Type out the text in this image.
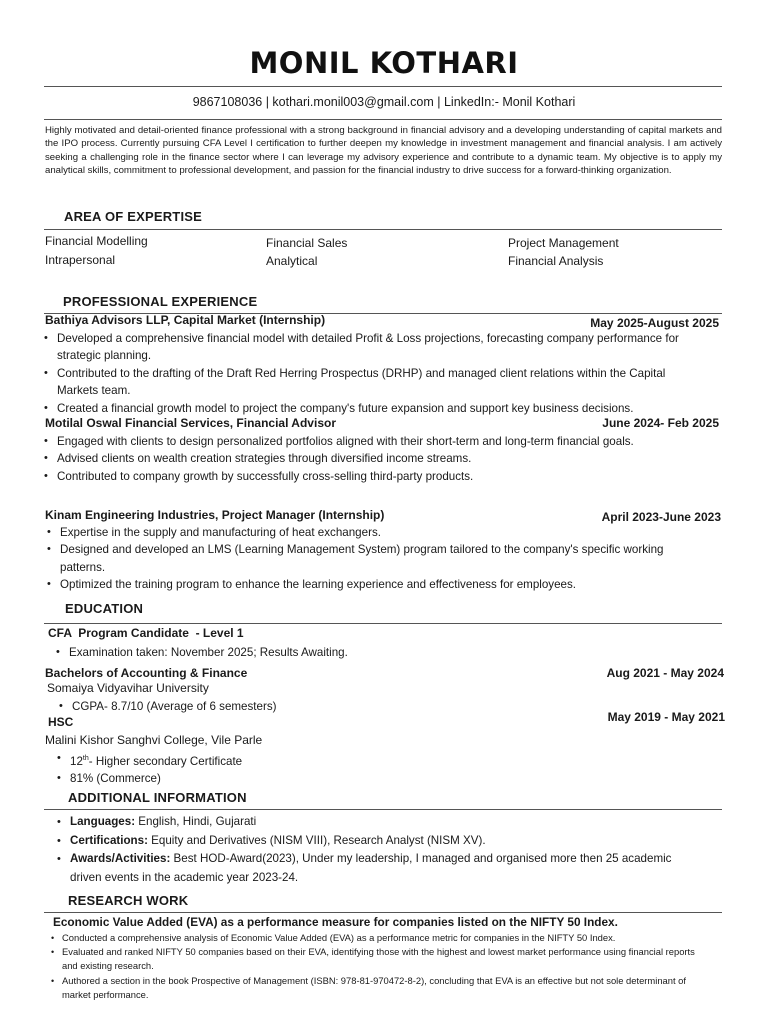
MONIL KOTHARI
9867108036 | kothari.monil003@gmail.com | LinkedIn:- Monil Kothari
Highly motivated and detail-oriented finance professional with a strong background in financial advisory and a developing understanding of capital markets and the IPO process. Currently pursuing CFA Level I certification to further deepen my knowledge in investment management and financial analysis. I am actively seeking a challenging role in the finance sector where I can leverage my advisory experience and contribute to a dynamic team. My objective is to apply my analytical skills, commitment to professional development, and passion for the financial industry to drive success for a forward-thinking organization.
AREA OF EXPERTISE
Financial Modelling	Financial Sales	Project Management
Intrapersonal	Analytical	Financial Analysis
PROFESSIONAL EXPERIENCE
Bathiya Advisors LLP, Capital Market (Internship)	May 2025-August 2025
• Developed a comprehensive financial model with detailed Profit & Loss projections, forecasting company performance for strategic planning.
• Contributed to the drafting of the Draft Red Herring Prospectus (DRHP) and managed client relations within the Capital Markets team.
• Created a financial growth model to project the company's future expansion and support key business decisions.
Motilal Oswal Financial Services, Financial Advisor	June 2024- Feb 2025
• Engaged with clients to design personalized portfolios aligned with their short-term and long-term financial goals.
• Advised clients on wealth creation strategies through diversified income streams.
• Contributed to company growth by successfully cross-selling third-party products.
Kinam Engineering Industries, Project Manager (Internship)	April 2023-June 2023
• Expertise in the supply and manufacturing of heat exchangers.
• Designed and developed an LMS (Learning Management System) program tailored to the company's specific working patterns.
• Optimized the training program to enhance the learning experience and effectiveness for employees.
EDUCATION
CFA  Program Candidate  - Level 1
• Examination taken: November 2025; Results Awaiting.
Bachelors of Accounting & Finance	Aug 2021 - May 2024
Somaiya Vidyavihar University
• CGPA- 8.7/10 (Average of 6 semesters)
HSC	May 2019 - May 2021
Malini Kishor Sanghvi College, Vile Parle
• 12th- Higher secondary Certificate
• 81% (Commerce)
ADDITIONAL INFORMATION
• Languages: English, Hindi, Gujarati
• Certifications: Equity and Derivatives (NISM VIII), Research Analyst (NISM XV).
• Awards/Activities: Best HOD-Award(2023), Under my leadership, I managed and organised more then 25 academic driven events in the academic year 2023-24.
RESEARCH WORK
Economic Value Added (EVA) as a performance measure for companies listed on the NIFTY 50 Index.
• Conducted a comprehensive analysis of Economic Value Added (EVA) as a performance metric for companies in the NIFTY 50 Index.
• Evaluated and ranked NIFTY 50 companies based on their EVA, identifying those with the highest and lowest market performance using financial reports and existing research.
• Authored a section in the book Prospective of Management (ISBN: 978-81-970472-8-2), concluding that EVA is an effective but not sole determinant of market performance.
